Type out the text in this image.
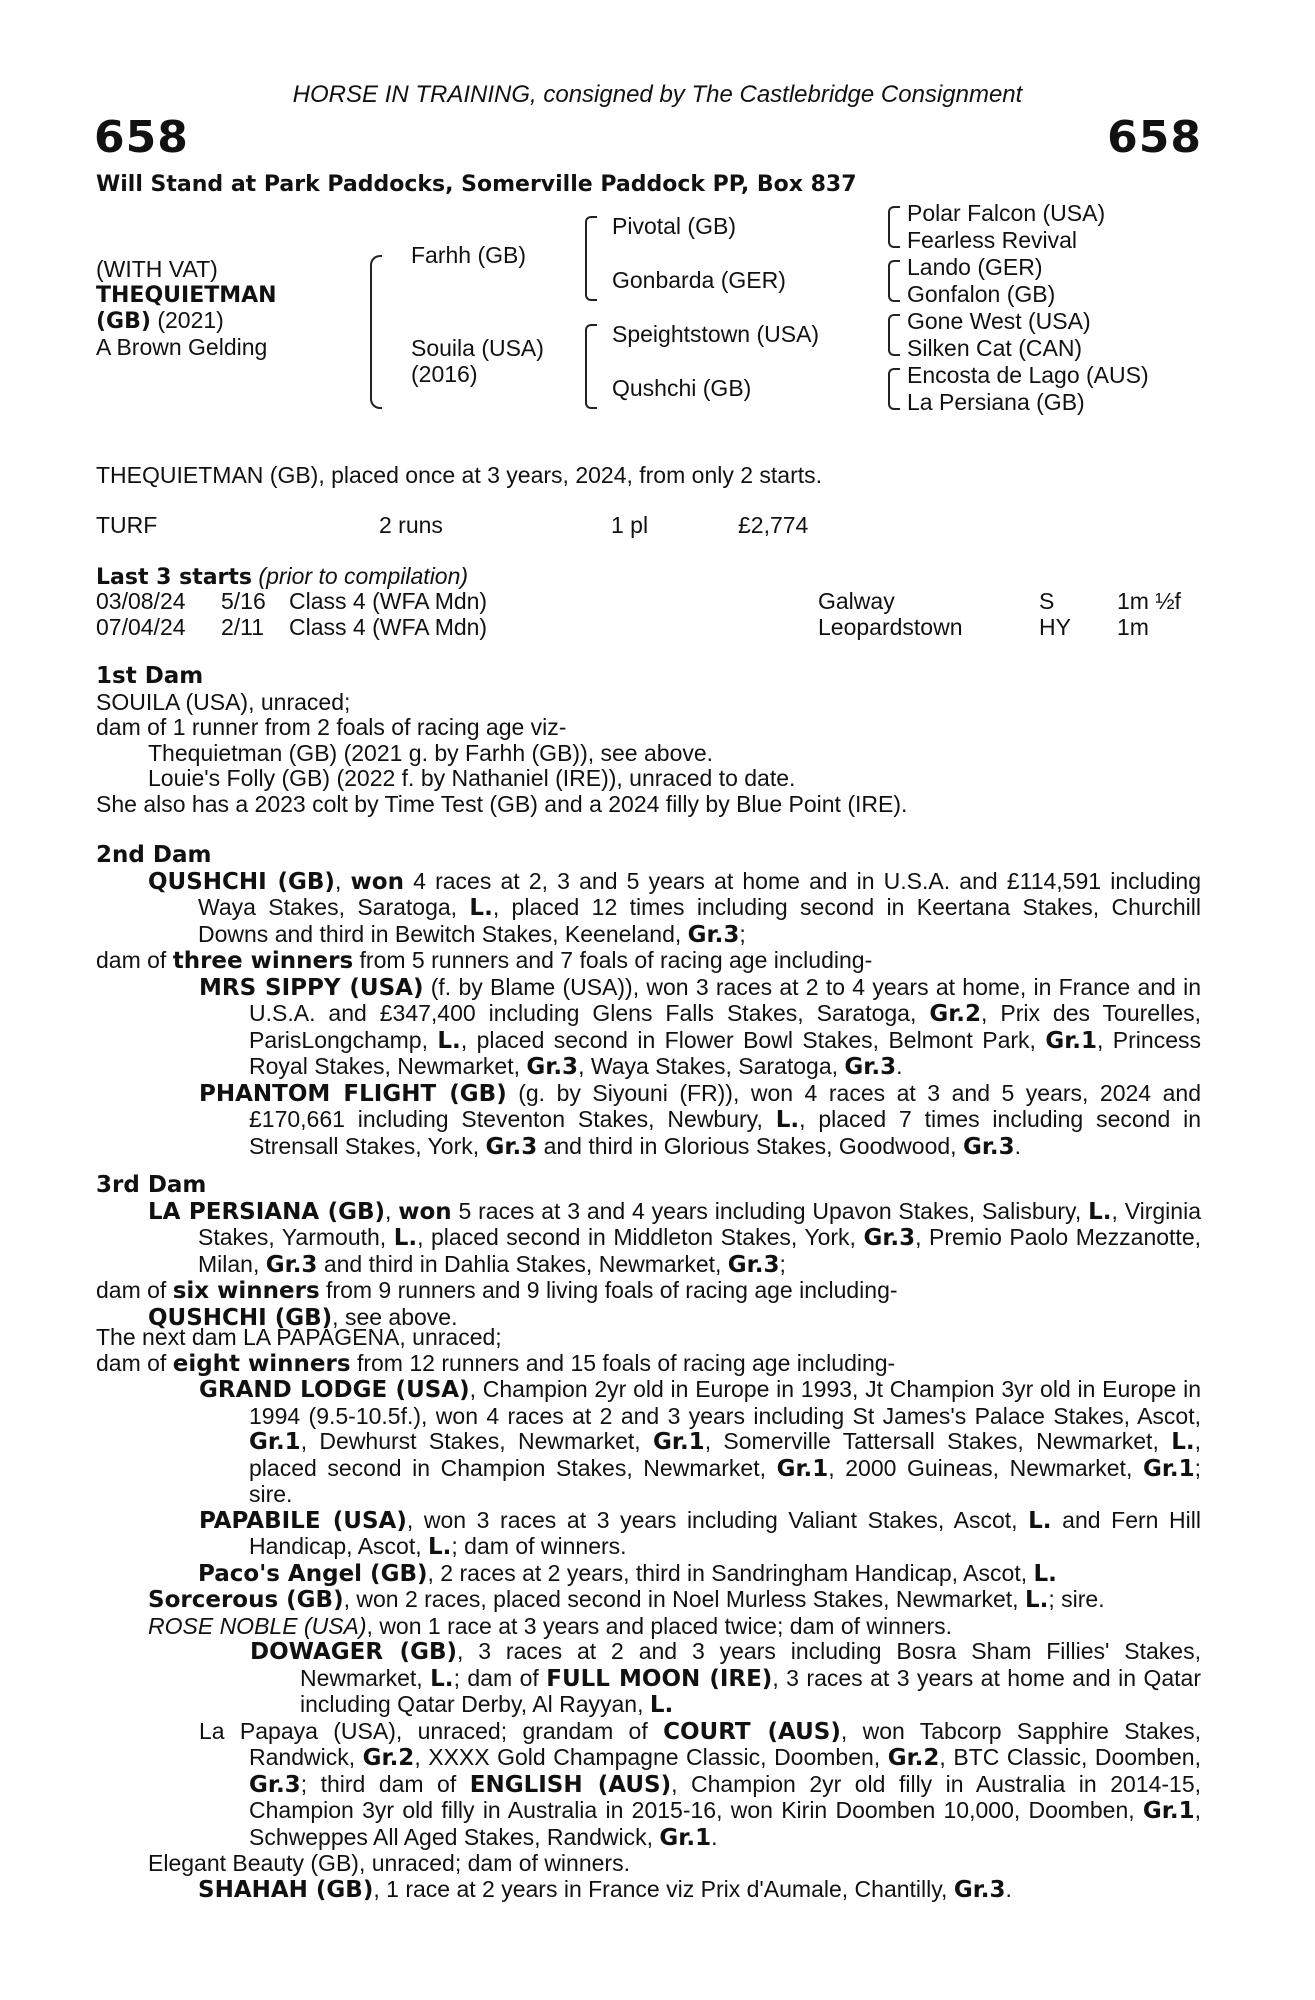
HORSE IN TRAINING, consigned by The Castlebridge Consignment
658	658
Will Stand at Park Paddocks, Somerville Paddock PP, Box 837
(WITH VAT)
THEQUIETMAN
(GB) (2021)
A Brown Gelding
Farhh (GB)
Souila (USA)
(2016)
Pivotal (GB)
Gonbarda (GER)
Speightstown (USA)
Qushchi (GB)
Polar Falcon (USA)
Fearless Revival
Lando (GER)
Gonfalon (GB)
Gone West (USA)
Silken Cat (CAN)
Encosta de Lago (AUS)
La Persiana (GB)
THEQUIETMAN (GB), placed once at 3 years, 2024, from only 2 starts.
TURF	2 runs	1 pl	£2,774
Last 3 starts (prior to compilation)
03/08/24 5/16 Class 4 (WFA Mdn)	Galway	S	1m ½f
07/04/24 2/11 Class 4 (WFA Mdn)	Leopardstown	HY 1m

1st Dam

SOUILA (USA), unraced;

dam of 1 runner from 2 foals of racing age viz-

Thequietman (GB) (2021 g. by Farhh (GB)), see above.

Louie's Folly (GB) (2022 f. by Nathaniel (IRE)), unraced to date.

She also has a 2023 colt by Time Test (GB) and a 2024 filly by Blue Point (IRE).

2nd Dam

QUSHCHI (GB), won 4 races at 2, 3 and 5 years at home and in U.S.A. and £114,591 including Waya Stakes, Saratoga, L., placed 12 times including second in Keertana Stakes, Churchill Downs and third in Bewitch Stakes, Keeneland, Gr.3;

dam of three winners from 5 runners and 7 foals of racing age including-

MRS SIPPY (USA) (f. by Blame (USA)), won 3 races at 2 to 4 years at home, in France and in U.S.A. and £347,400 including Glens Falls Stakes, Saratoga, Gr.2, Prix des Tourelles, ParisLongchamp, L., placed second in Flower Bowl Stakes, Belmont Park, Gr.1, Princess Royal Stakes, Newmarket, Gr.3, Waya Stakes, Saratoga, Gr.3.

PHANTOM FLIGHT (GB) (g. by Siyouni (FR)), won 4 races at 3 and 5 years, 2024 and £170,661 including Steventon Stakes, Newbury, L., placed 7 times including second in Strensall Stakes, York, Gr.3 and third in Glorious Stakes, Goodwood, Gr.3.

3rd Dam

LA PERSIANA (GB), won 5 races at 3 and 4 years including Upavon Stakes, Salisbury, L., Virginia Stakes, Yarmouth, L., placed second in Middleton Stakes, York, Gr.3, Premio Paolo Mezzanotte, Milan, Gr.3 and third in Dahlia Stakes, Newmarket, Gr.3;

dam of six winners from 9 runners and 9 living foals of racing age including-

QUSHCHI (GB), see above.

The next dam LA PAPAGENA, unraced;

dam of eight winners from 12 runners and 15 foals of racing age including-

GRAND LODGE (USA), Champion 2yr old in Europe in 1993, Jt Champion 3yr old in Europe in 1994 (9.5-10.5f.), won 4 races at 2 and 3 years including St James's Palace Stakes, Ascot, Gr.1, Dewhurst Stakes, Newmarket, Gr.1, Somerville Tattersall Stakes, Newmarket, L., placed second in Champion Stakes, Newmarket, Gr.1, 2000 Guineas, Newmarket, Gr.1; sire.

PAPABILE (USA), won 3 races at 3 years including Valiant Stakes, Ascot, L. and Fern Hill Handicap, Ascot, L.; dam of winners.

Paco's Angel (GB), 2 races at 2 years, third in Sandringham Handicap, Ascot, L.

Sorcerous (GB), won 2 races, placed second in Noel Murless Stakes, Newmarket, L.; sire.

ROSE NOBLE (USA), won 1 race at 3 years and placed twice; dam of winners.

DOWAGER (GB), 3 races at 2 and 3 years including Bosra Sham Fillies' Stakes, Newmarket, L.; dam of FULL MOON (IRE), 3 races at 3 years at home and in Qatar including Qatar Derby, Al Rayyan, L.

La Papaya (USA), unraced; grandam of COURT (AUS), won Tabcorp Sapphire Stakes, Randwick, Gr.2, XXXX Gold Champagne Classic, Doomben, Gr.2, BTC Classic, Doomben, Gr.3; third dam of ENGLISH (AUS), Champion 2yr old filly in Australia in 2014-15, Champion 3yr old filly in Australia in 2015-16, won Kirin Doomben 10,000, Doomben, Gr.1, Schweppes All Aged Stakes, Randwick, Gr.1.

Elegant Beauty (GB), unraced; dam of winners.

SHAHAH (GB), 1 race at 2 years in France viz Prix d'Aumale, Chantilly, Gr.3.
